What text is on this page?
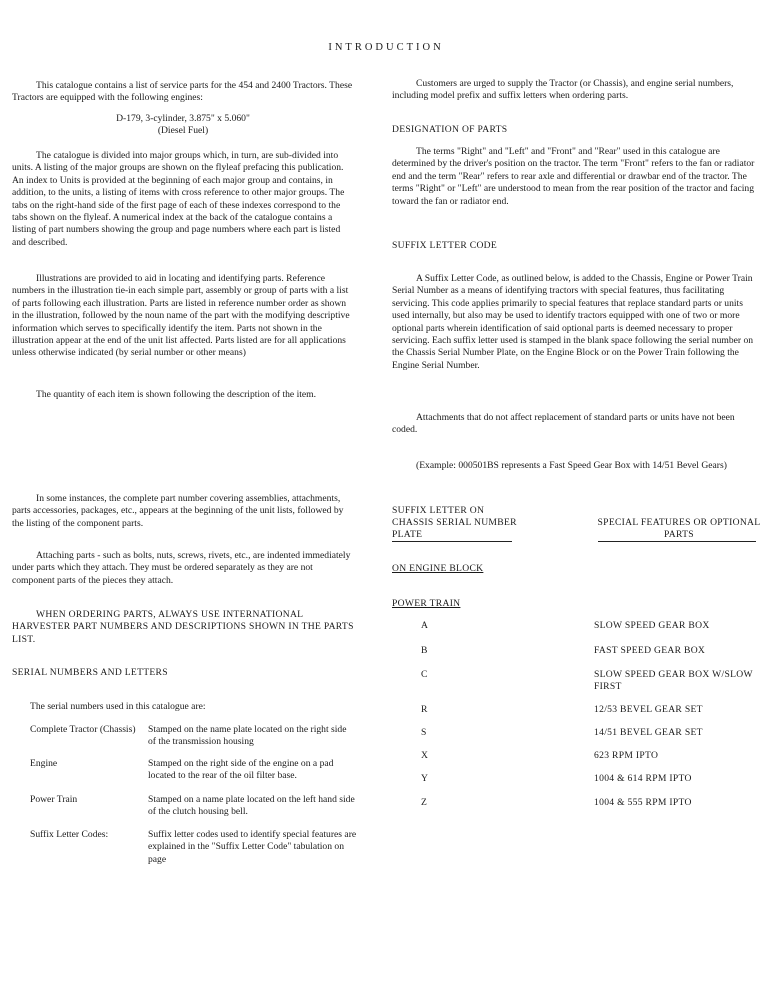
INTRODUCTION

This catalogue contains a list of service parts for the 454 and 2400 Tractors. These Tractors are equipped with the following engines:

D-179, 3-cylinder, 3.875" x 5.060"
(Diesel Fuel)

The catalogue is divided into major groups which, in turn, are sub-divided into units. A listing of the major groups are shown on the flyleaf prefacing this publication. An index to Units is provided at the beginning of each major group and contains, in addition, to the units, a listing of items with cross reference to other major groups. The tabs on the right-hand side of the first page of each of these indexes correspond to the tabs shown on the flyleaf. A numerical index at the back of the catalogue contains a listing of part numbers showing the group and page numbers where each part is listed and described.

Illustrations are provided to aid in locating and identifying parts. Reference numbers in the illustration tie-in each simple part, assembly or group of parts with a list of parts following each illustration. Parts are listed in reference number order as shown in the illustration, followed by the noun name of the part with the modifying descriptive information which serves to specifically identify the item. Parts not shown in the illustration appear at the end of the unit list affected. Parts listed are for all applications unless otherwise indicated (by serial number or other means)

The quantity of each item is shown following the description of the item.

In some instances, the complete part number covering assemblies, attachments, parts accessories, packages, etc., appears at the beginning of the unit lists, followed by the listing of the component parts.

Attaching parts - such as bolts, nuts, screws, rivets, etc., are indented immediately under parts which they attach. They must be ordered separately as they are not component parts of the pieces they attach.

WHEN ORDERING PARTS, ALWAYS USE INTERNATIONAL HARVESTER PART NUMBERS AND DESCRIPTIONS SHOWN IN THE PARTS LIST.

SERIAL NUMBERS AND LETTERS
The serial numbers used in this catalogue are:
Complete Tractor (Chassis)	Stamped on the name plate located on the right side of the transmission housing
Engine	Stamped on the right side of the engine on a pad located to the rear of the oil filter base.
Power Train	Stamped on a name plate located on the left hand side of the clutch housing bell.
Suffix Letter Codes:	Suffix letter codes used to identify special features are explained in the "Suffix Letter Code" tabulation on page

Customers are urged to supply the Tractor (or Chassis), and engine serial numbers, including model prefix and suffix letters when ordering parts.

DESIGNATION OF PARTS

The terms "Right" and "Left" and "Front" and "Rear" used in this catalogue are determined by the driver's position on the tractor. The term "Front" refers to the fan or radiator end and the term "Rear" refers to rear axle and differential or drawbar end of the tractor. The terms "Right" or "Left" are understood to mean from the rear position of the tractor and facing toward the fan or radiator end.

SUFFIX LETTER CODE

A Suffix Letter Code, as outlined below, is added to the Chassis, Engine or Power Train Serial Number as a means of identifying tractors with special features, thus facilitating servicing. This code applies primarily to special features that replace standard parts or units used internally, but also may be used to identify tractors equipped with one of two or more optional parts wherein identification of said optional parts is deemed necessary to proper servicing. Each suffix letter used is stamped in the blank space following the serial number on the Chassis Serial Number Plate, on the Engine Block or on the Power Train following the Engine Serial Number.

Attachments that do not affect replacement of standard parts or units have not been coded.

(Example: 000501BS represents a Fast Speed Gear Box with 14/51 Bevel Gears)

SUFFIX LETTER ON
CHASSIS SERIAL NUMBER
PLATE
SPECIAL FEATURES OR OPTIONAL
PARTS
ON ENGINE BLOCK
POWER TRAIN
A	SLOW SPEED GEAR BOX
B	FAST SPEED GEAR BOX
C	SLOW SPEED GEAR BOX W/SLOW FIRST
R	12/53 BEVEL GEAR SET
S	14/51 BEVEL GEAR SET
X	623 RPM IPTO
Y	1004 & 614 RPM IPTO
Z	1004 & 555 RPM IPTO
